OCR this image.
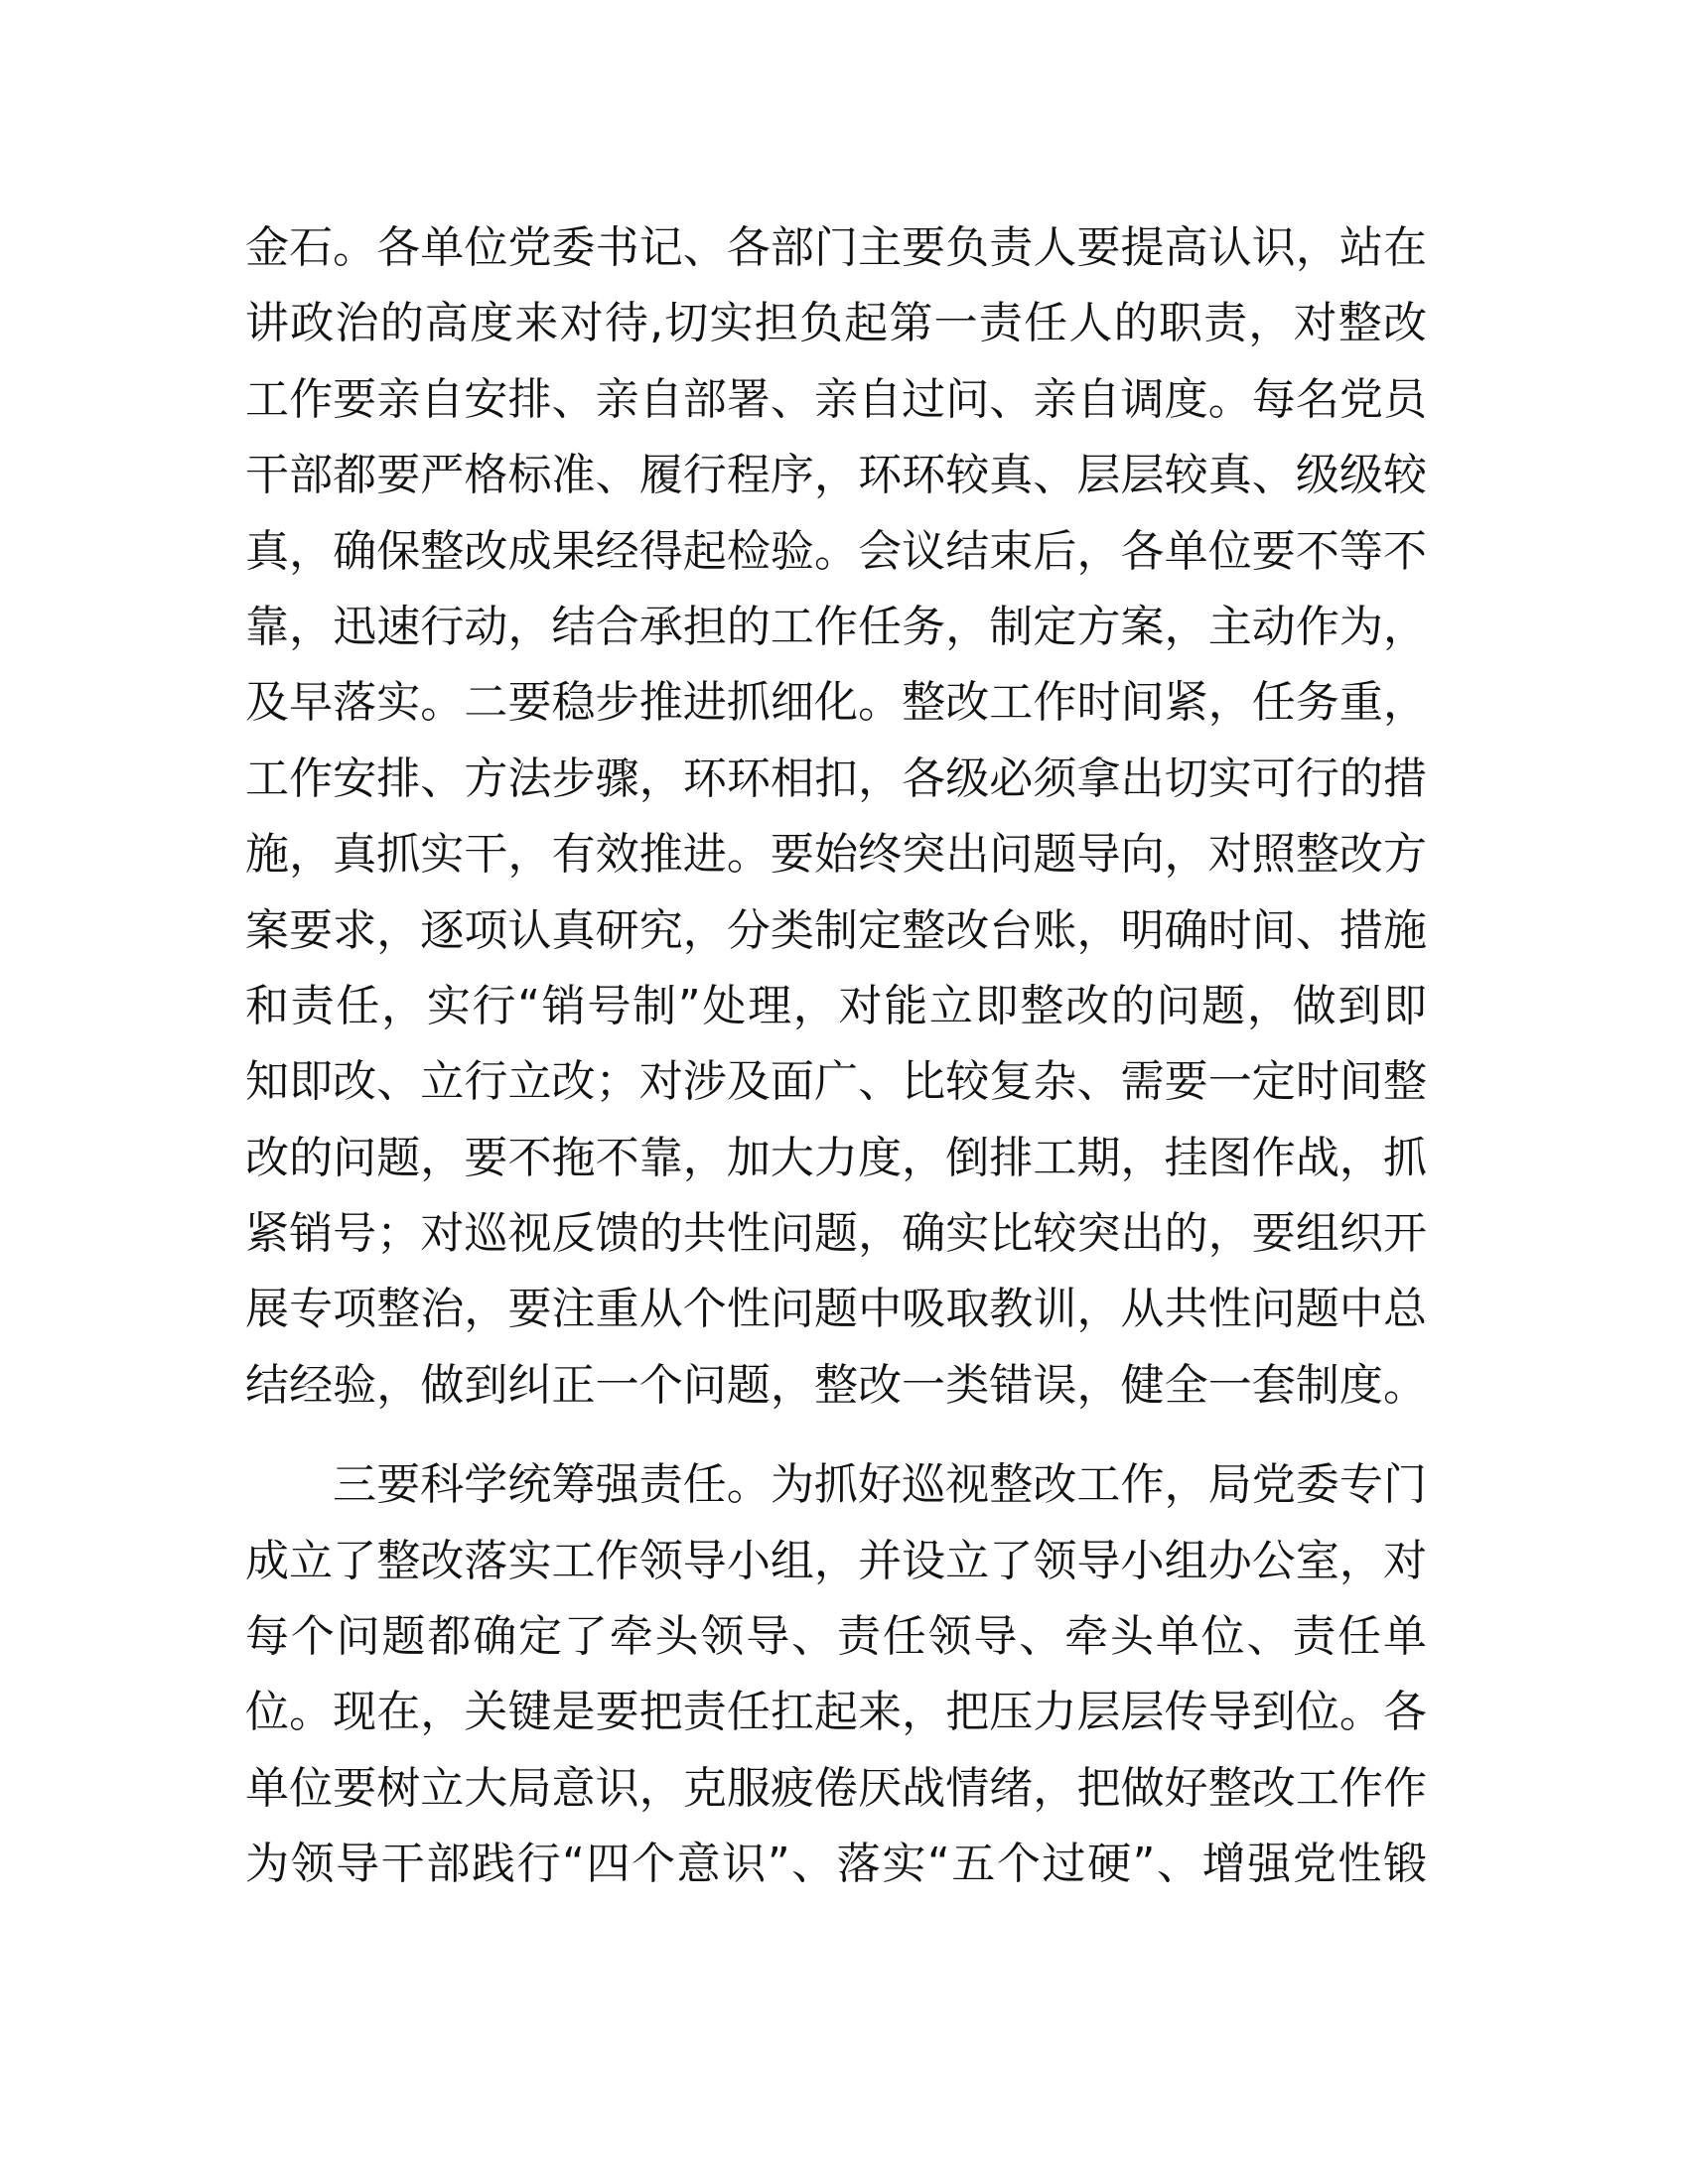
金石。各单位党委书记、各部门主要负责人要提高认识，站在
讲政治的高度来对待,切实担负起第一责任人的职责，对整改
工作要亲自安排、亲自部署、亲自过问、亲自调度。每名党员
干部都要严格标准、履行程序，环环较真、层层较真、级级较
真，确保整改成果经得起检验。会议结束后，各单位要不等不
靠，迅速行动，结合承担的工作任务，制定方案，主动作为，
及早落实。二要稳步推进抓细化。整改工作时间紧，任务重，
工作安排、方法步骤，环环相扣，各级必须拿出切实可行的措
施，真抓实干，有效推进。要始终突出问题导向，对照整改方
案要求，逐项认真研究，分类制定整改台账，明确时间、措施
和责任，实行“销号制”处理，对能立即整改的问题，做到即
知即改、立行立改；对涉及面广、比较复杂、需要一定时间整
改的问题，要不拖不靠，加大力度，倒排工期，挂图作战，抓
紧销号；对巡视反馈的共性问题，确实比较突出的，要组织开
展专项整治，要注重从个性问题中吸取教训，从共性问题中总
结经验，做到纠正一个问题，整改一类错误，健全一套制度。
三要科学统筹强责任。为抓好巡视整改工作，局党委专门
成立了整改落实工作领导小组，并设立了领导小组办公室，对
每个问题都确定了牵头领导、责任领导、牵头单位、责任单
位。现在，关键是要把责任扛起来，把压力层层传导到位。各
单位要树立大局意识，克服疲倦厌战情绪，把做好整改工作作
为领导干部践行“四个意识”、落实“五个过硬”、增强党性锻
